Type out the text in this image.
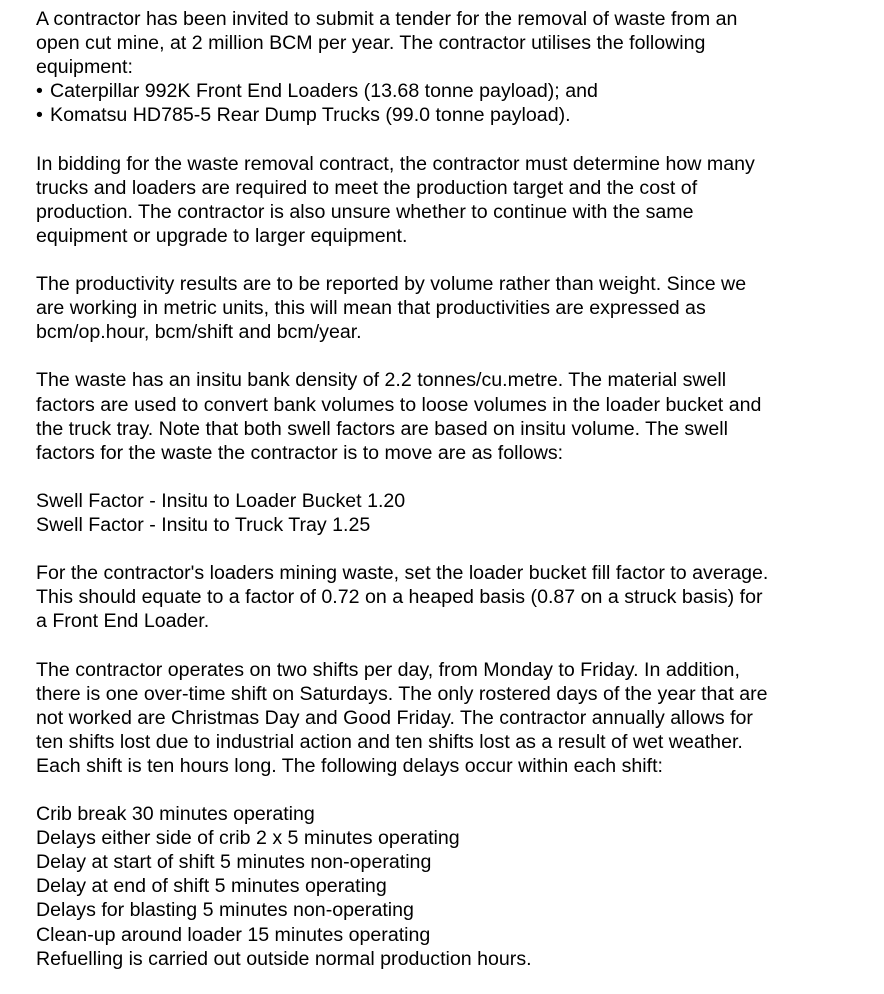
A contractor has been invited to submit a tender for the removal of waste from an
open cut mine, at 2 million BCM per year. The contractor utilises the following
equipment:
• Caterpillar 992K Front End Loaders (13.68 tonne payload); and
• Komatsu HD785-5 Rear Dump Trucks (99.0 tonne payload).
In bidding for the waste removal contract, the contractor must determine how many
trucks and loaders are required to meet the production target and the cost of
production. The contractor is also unsure whether to continue with the same
equipment or upgrade to larger equipment.
The productivity results are to be reported by volume rather than weight. Since we
are working in metric units, this will mean that productivities are expressed as
bcm/op.hour, bcm/shift and bcm/year.
The waste has an insitu bank density of 2.2 tonnes/cu.metre. The material swell
factors are used to convert bank volumes to loose volumes in the loader bucket and
the truck tray. Note that both swell factors are based on insitu volume. The swell
factors for the waste the contractor is to move are as follows:
Swell Factor - Insitu to Loader Bucket 1.20
Swell Factor - Insitu to Truck Tray 1.25
For the contractor's loaders mining waste, set the loader bucket fill factor to average.
This should equate to a factor of 0.72 on a heaped basis (0.87 on a struck basis) for
a Front End Loader.
The contractor operates on two shifts per day, from Monday to Friday. In addition,
there is one over-time shift on Saturdays. The only rostered days of the year that are
not worked are Christmas Day and Good Friday. The contractor annually allows for
ten shifts lost due to industrial action and ten shifts lost as a result of wet weather.
Each shift is ten hours long. The following delays occur within each shift:
Crib break 30 minutes operating
Delays either side of crib 2 x 5 minutes operating
Delay at start of shift 5 minutes non-operating
Delay at end of shift 5 minutes operating
Delays for blasting 5 minutes non-operating
Clean-up around loader 15 minutes operating
Refuelling is carried out outside normal production hours.
